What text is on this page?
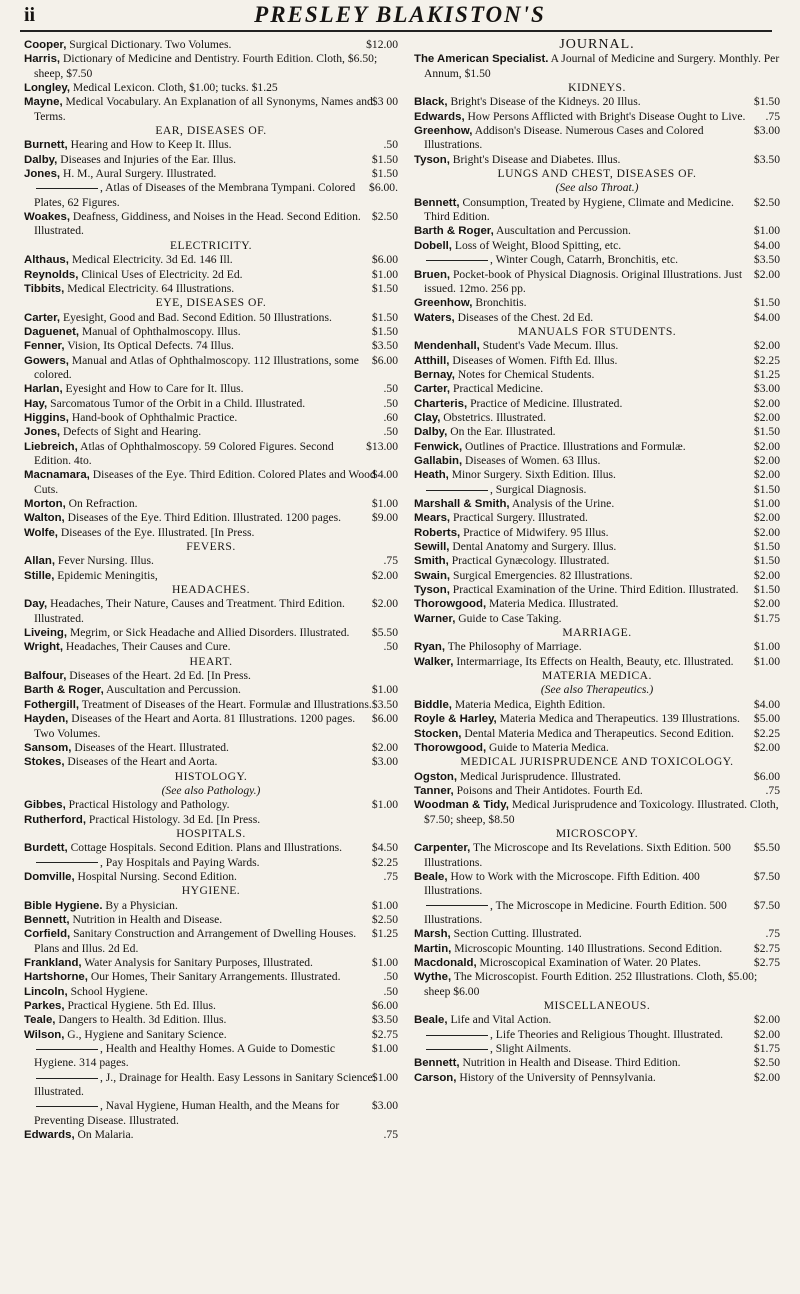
ii	PRESLEY BLAKISTON'S
$12.00
Cooper, Surgical Dictionary. Two Volumes.
Harris, Dictionary of Medicine and Dentistry. Fourth Edition. Cloth, $6.50; sheep, $7.50
Longley, Medical Lexicon. Cloth, $1.00; tucks. $1.25
$3 00
Mayne, Medical Vocabulary. An Explanation of all Synonyms, Names and Terms.
EAR, DISEASES OF.
.50
Burnett, Hearing and How to Keep It. Illus.
$1.50
Dalby, Diseases and Injuries of the Ear. Illus.
$1.50
Jones, H. M., Aural Surgery. Illustrated.
$6.00.
, Atlas of Diseases of the Membrana Tympani. Colored Plates, 62 Figures.
$2.50
Woakes, Deafness, Giddiness, and Noises in the Head. Second Edition. Illustrated.
ELECTRICITY.
$6.00
Althaus, Medical Electricity. 3d Ed. 146 Ill.
$1.00
Reynolds, Clinical Uses of Electricity. 2d Ed.
$1.50
Tibbits, Medical Electricity. 64 Illustrations.
EYE, DISEASES OF.
$1.50
Carter, Eyesight, Good and Bad. Second Edition. 50 Illustrations.
$1.50
Daguenet, Manual of Ophthalmoscopy. Illus.
$3.50
Fenner, Vision, Its Optical Defects. 74 Illus.
$6.00
Gowers, Manual and Atlas of Ophthalmoscopy. 112 Illustrations, some colored.
.50
Harlan, Eyesight and How to Care for It. Illus.
.50
Hay, Sarcomatous Tumor of the Orbit in a Child. Illustrated.
.60
Higgins, Hand-book of Ophthalmic Practice.
.50
Jones, Defects of Sight and Hearing.
$13.00
Liebreich, Atlas of Ophthalmoscopy. 59 Colored Figures. Second Edition. 4to.
$4.00
Macnamara, Diseases of the Eye. Third Edition. Colored Plates and Wood Cuts.
$1.00
Morton, On Refraction.
$9.00
Walton, Diseases of the Eye. Third Edition. Illustrated. 1200 pages.
Wolfe, Diseases of the Eye. Illustrated. [In Press.
FEVERS.
.75
Allan, Fever Nursing. Illus.
$2.00
Stille, Epidemic Meningitis,
HEADACHES.
$2.00
Day, Headaches, Their Nature, Causes and Treatment. Third Edition. Illustrated.
$5.50
Liveing, Megrim, or Sick Headache and Allied Disorders. Illustrated.
.50
Wright, Headaches, Their Causes and Cure.
HEART.
Balfour, Diseases of the Heart. 2d Ed. [In Press.
$1.00
Barth & Roger, Auscultation and Percussion.
$3.50
Fothergill, Treatment of Diseases of the Heart. Formulæ and Illustrations.
$6.00
Hayden, Diseases of the Heart and Aorta. 81 Illustrations. 1200 pages. Two Volumes.
$2.00
Sansom, Diseases of the Heart. Illustrated.
$3.00
Stokes, Diseases of the Heart and Aorta.
HISTOLOGY.
(See also Pathology.)
$1.00
Gibbes, Practical Histology and Pathology.
Rutherford, Practical Histology. 3d Ed. [In Press.
HOSPITALS.
$4.50
Burdett, Cottage Hospitals. Second Edition. Plans and Illustrations.
$2.25
, Pay Hospitals and Paying Wards.
.75
Domville, Hospital Nursing. Second Edition.
HYGIENE.
$1.00
Bible Hygiene. By a Physician.
$2.50
Bennett, Nutrition in Health and Disease.
$1.25
Corfield, Sanitary Construction and Arrangement of Dwelling Houses. Plans and Illus. 2d Ed.
$1.00
Frankland, Water Analysis for Sanitary Purposes, Illustrated.
.50
Hartshorne, Our Homes, Their Sanitary Arrangements. Illustrated.
.50
Lincoln, School Hygiene.
$6.00
Parkes, Practical Hygiene. 5th Ed. Illus.
$3.50
Teale, Dangers to Health. 3d Edition. Illus.
$2.75
Wilson, G., Hygiene and Sanitary Science.
$1.00
, Health and Healthy Homes. A Guide to Domestic Hygiene. 314 pages.
$1.00
, J., Drainage for Health. Easy Lessons in Sanitary Science. Illustrated.
$3.00
, Naval Hygiene, Human Health, and the Means for Preventing Disease. Illustrated.
.75
Edwards, On Malaria.
JOURNAL.
The American Specialist. A Journal of Medicine and Surgery. Monthly. Per Annum, $1.50
KIDNEYS.
$1.50
Black, Bright's Disease of the Kidneys. 20 Illus.
.75
Edwards, How Persons Afflicted with Bright's Disease Ought to Live.
$3.00
Greenhow, Addison's Disease. Numerous Cases and Colored Illustrations.
$3.50
Tyson, Bright's Disease and Diabetes. Illus.
LUNGS AND CHEST, DISEASES OF.
(See also Throat.)
$2.50
Bennett, Consumption, Treated by Hygiene, Climate and Medicine. Third Edition.
$1.00
Barth & Roger, Auscultation and Percussion.
$4.00
Dobell, Loss of Weight, Blood Spitting, etc.
$3.50
, Winter Cough, Catarrh, Bronchitis, etc.
$2.00
Bruen, Pocket-book of Physical Diagnosis. Original Illustrations. Just issued. 12mo. 256 pp.
$1.50
Greenhow, Bronchitis.
$4.00
Waters, Diseases of the Chest. 2d Ed.
MANUALS FOR STUDENTS.
$2.00
Mendenhall, Student's Vade Mecum. Illus.
$2.25
Atthill, Diseases of Women. Fifth Ed. Illus.
$1.25
Bernay, Notes for Chemical Students.
$3.00
Carter, Practical Medicine.
$2.00
Charteris, Practice of Medicine. Illustrated.
$2.00
Clay, Obstetrics. Illustrated.
$1.50
Dalby, On the Ear. Illustrated.
$2.00
Fenwick, Outlines of Practice. Illustrations and Formulæ.
$2.00
Gallabin, Diseases of Women. 63 Illus.
$2.00
Heath, Minor Surgery. Sixth Edition. Illus.
$1.50
, Surgical Diagnosis.
$1.00
Marshall & Smith, Analysis of the Urine.
$2.00
Mears, Practical Surgery. Illustrated.
$2.00
Roberts, Practice of Midwifery. 95 Illus.
$1.50
Sewill, Dental Anatomy and Surgery. Illus.
$1.50
Smith, Practical Gynæcology. Illustrated.
$2.00
Swain, Surgical Emergencies. 82 Illustrations.
$1.50
Tyson, Practical Examination of the Urine. Third Edition. Illustrated.
$2.00
Thorowgood, Materia Medica. Illustrated.
$1.75
Warner, Guide to Case Taking.
MARRIAGE.
$1.00
Ryan, The Philosophy of Marriage.
$1.00
Walker, Intermarriage, Its Effects on Health, Beauty, etc. Illustrated.
MATERIA MEDICA.
(See also Therapeutics.)
$4.00
Biddle, Materia Medica, Eighth Edition.
$5.00
Royle & Harley, Materia Medica and Therapeutics. 139 Illustrations.
$2.25
Stocken, Dental Materia Medica and Therapeutics. Second Edition.
$2.00
Thorowgood, Guide to Materia Medica.
MEDICAL JURISPRUDENCE AND TOXICOLOGY.
$6.00
Ogston, Medical Jurisprudence. Illustrated.
.75
Tanner, Poisons and Their Antidotes. Fourth Ed.
Woodman & Tidy, Medical Jurisprudence and Toxicology. Illustrated. Cloth, $7.50; sheep, $8.50
MICROSCOPY.
$5.50
Carpenter, The Microscope and Its Revelations. Sixth Edition. 500 Illustrations.
$7.50
Beale, How to Work with the Microscope. Fifth Edition. 400 Illustrations.
$7.50
, The Microscope in Medicine. Fourth Edition. 500 Illustrations.
.75
Marsh, Section Cutting. Illustrated.
$2.75
Martin, Microscopic Mounting. 140 Illustrations. Second Edition.
$2.75
Macdonald, Microscopical Examination of Water. 20 Plates.
Wythe, The Microscopist. Fourth Edition. 252 Illustrations. Cloth, $5.00; sheep $6.00
MISCELLANEOUS.
$2.00
Beale, Life and Vital Action.
$2.00
, Life Theories and Religious Thought. Illustrated.
$1.75
, Slight Ailments.
$2.50
Bennett, Nutrition in Health and Disease. Third Edition.
$2.00
Carson, History of the University of Pennsylvania.
